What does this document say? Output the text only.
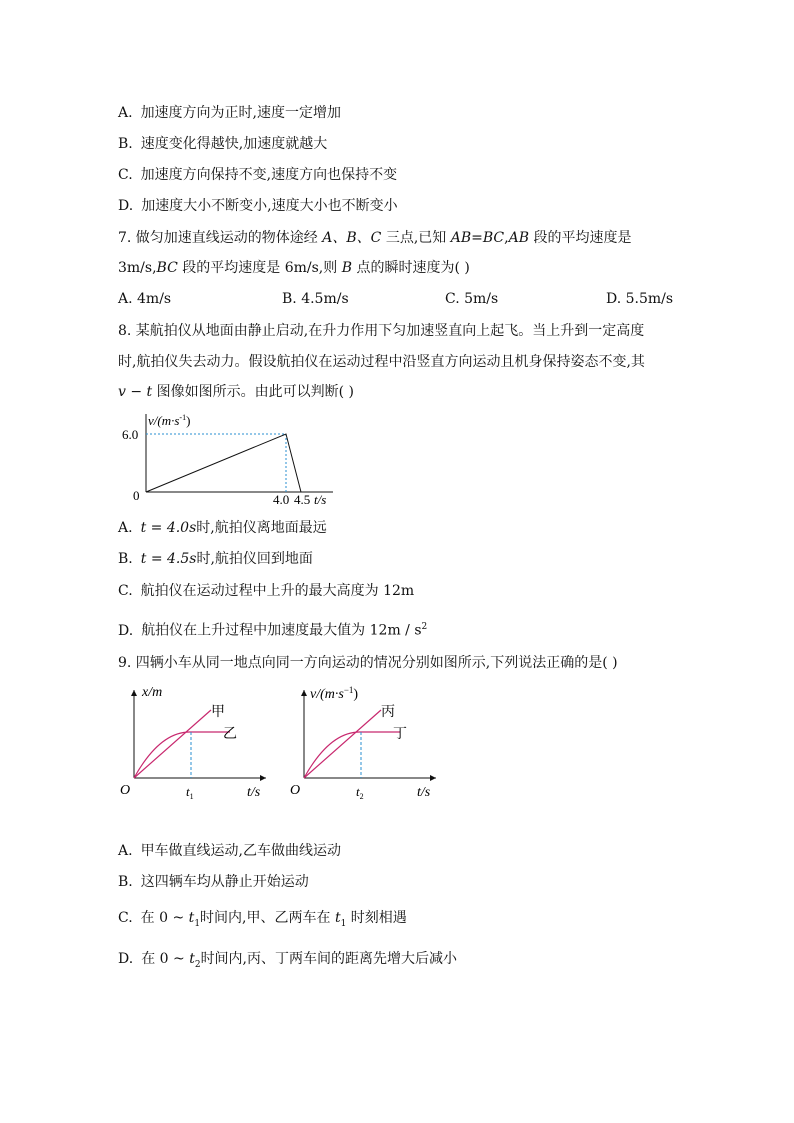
A. 加速度方向为正时,速度一定增加
B. 速度变化得越快,加速度就越大
C. 加速度方向保持不变,速度方向也保持不变
D. 加速度大小不断变小,速度大小也不断变小
7. 做匀加速直线运动的物体途经 A、B、C 三点,已知 AB=BC,AB 段的平均速度是
3m/s,BC 段的平均速度是 6m/s,则 B 点的瞬时速度为( )
A. 4m/s	B. 4.5m/s	C. 5m/s	D. 5.5m/s
8. 某航拍仪从地面由静止启动,在升力作用下匀加速竖直向上起飞。当上升到一定高度
时,航拍仪失去动力。假设航拍仪在运动过程中沿竖直方向运动且机身保持姿态不变,其
v − t 图像如图所示。由此可以判断( )
$v/(m\cdot s^{-1})$
6.0
0	4.0 4.5 t/s
A. t = 4.0s时,航拍仪离地面最远
B. t = 4.5s时,航拍仪回到地面
C. 航拍仪在运动过程中上升的最大高度为 12m
D. 航拍仪在上升过程中加速度最大值为 $12m / s^2$
9. 四辆小车从同一地点向同一方向运动的情况分别如图所示,下列说法正确的是( )
x/m
甲
乙
O	$t_1$	t/s
$v/(m\cdot s^{-1})$
丙
丁
O	$t_2$	t/s
A. 甲车做直线运动,乙车做曲线运动
B. 这四辆车均从静止开始运动
C. 在 0 ~ $t_1$时间内,甲、乙两车在 $t_1$ 时刻相遇
D. 在 0 ~ $t_2$时间内,丙、丁两车间的距离先增大后减小
